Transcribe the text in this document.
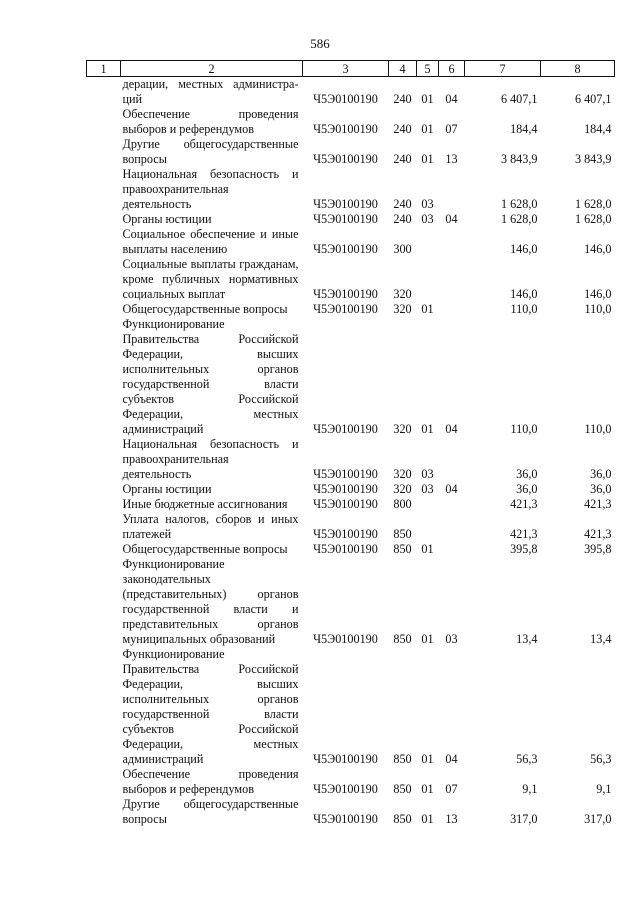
586
1	2	3	4	5	6	7	8
	дерации, местных администра-ций	Ч5Э0100190	240	01	04	6 407,1	6 407,1
	Обеспечение проведения выборов и референдумов	Ч5Э0100190	240	01	07	184,4	184,4
	Другие общегосударственные вопросы	Ч5Э0100190	240	01	13	3 843,9	3 843,9
	Национальная безопасность и правоохранительная деятельность	Ч5Э0100190	240	03		1 628,0	1 628,0
	Органы юстиции	Ч5Э0100190	240	03	04	1 628,0	1 628,0
	Социальное обеспечение и иные выплаты населению	Ч5Э0100190	300			146,0	146,0
	Социальные выплаты гражданам, кроме публичных нормативных социальных выплат	Ч5Э0100190	320			146,0	146,0
	Общегосударственные вопросы	Ч5Э0100190	320	01		110,0	110,0
	Функционирование Правительства Российской Федерации, высших исполнительных органов государственной власти субъектов Российской Федерации, местных администраций	Ч5Э0100190	320	01	04	110,0	110,0
	Национальная безопасность и правоохранительная деятельность	Ч5Э0100190	320	03		36,0	36,0
	Органы юстиции	Ч5Э0100190	320	03	04	36,0	36,0
	Иные бюджетные ассигнования	Ч5Э0100190	800			421,3	421,3
	Уплата налогов, сборов и иных платежей	Ч5Э0100190	850			421,3	421,3
	Общегосударственные вопросы	Ч5Э0100190	850	01		395,8	395,8
	Функционирование законодательных (представительных) органов государственной власти и представительных органов муниципальных образований	Ч5Э0100190	850	01	03	13,4	13,4
	Функционирование Правительства Российской Федерации, высших исполнительных органов государственной власти субъектов Российской Федерации, местных администраций	Ч5Э0100190	850	01	04	56,3	56,3
	Обеспечение проведения выборов и референдумов	Ч5Э0100190	850	01	07	9,1	9,1
	Другие общегосударственные вопросы	Ч5Э0100190	850	01	13	317,0	317,0
